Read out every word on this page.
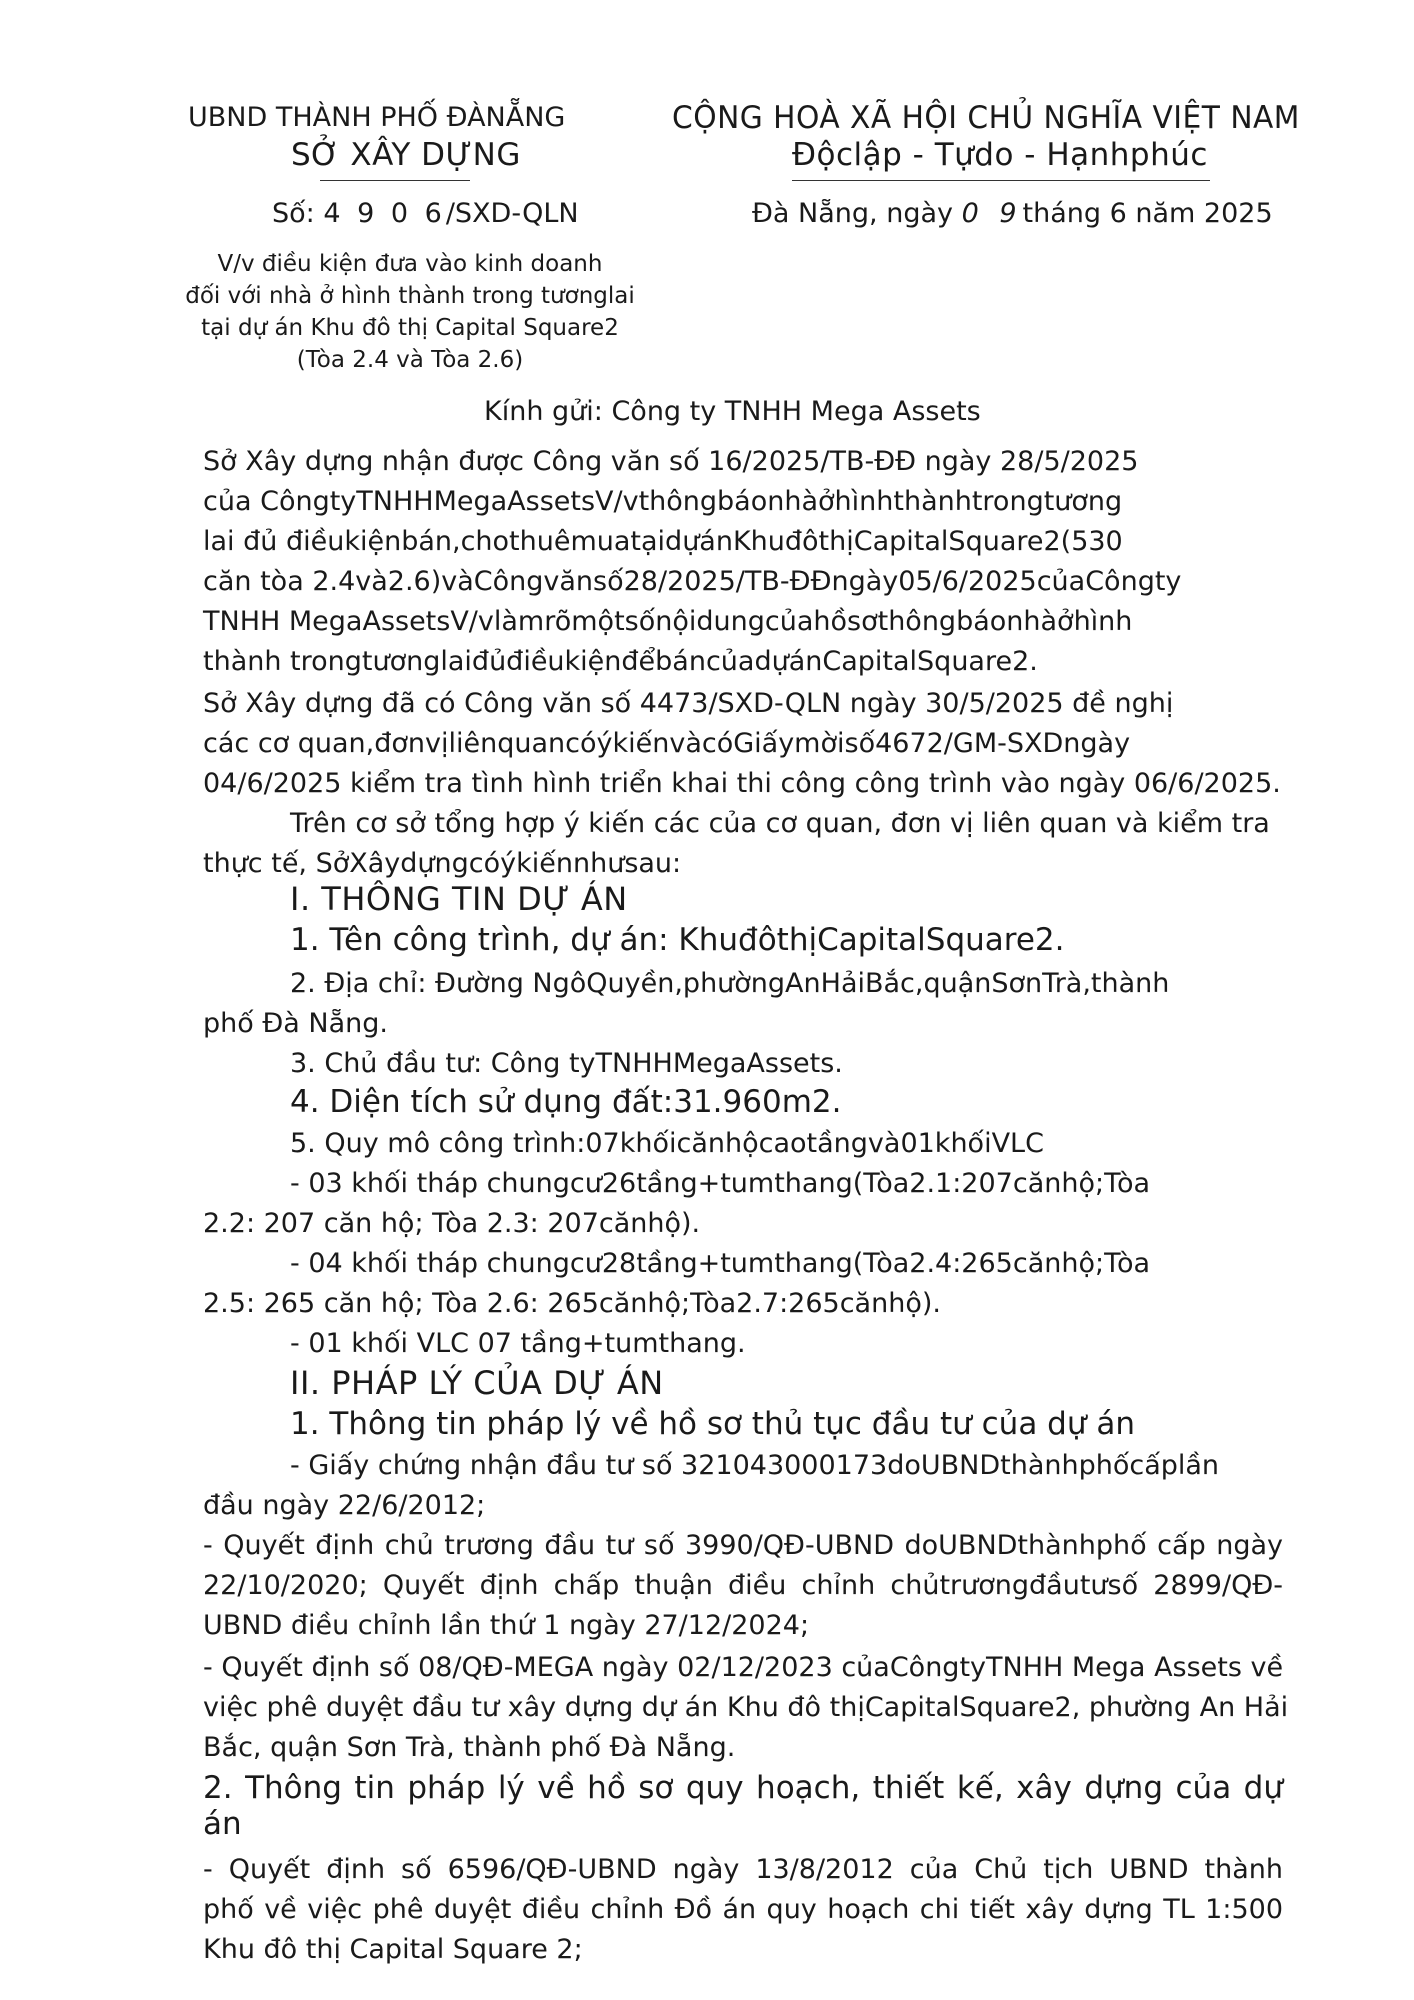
UBND THÀNH PHỐ ĐÀNẴNG
SỞ XÂY DỰNG
Số: 4 9 0 6/SXD-QLN
CỘNG HOÀ XÃ HỘI CHỦ NGHĨA VIỆT NAM
Độclập - Tựdo - Hạnhphúc
Đà Nẵng, ngày 0 9tháng 6 năm 2025
V/v điều kiện đưa vào kinh doanh
đối với nhà ở hình thành trong tươnglai
tại dự án Khu đô thị Capital Square2
(Tòa 2.4 và Tòa 2.6)
Kính gửi: Công ty TNHH Mega Assets
Sở Xây dựng nhận được Công văn số 16/2025/TB-ĐĐ ngày 28/5/2025
của CôngtyTNHHMegaAssetsV/vthôngbáonhàởhìnhthànhtrongtương
lai đủ điềukiệnbán,chothuêmuatạidựánKhuđôthịCapitalSquare2(530
căn tòa 2.4và2.6)vàCôngvănsố28/2025/TB-ĐĐngày05/6/2025củaCôngty
TNHH MegaAssetsV/vlàmrõmộtsốnộidungcủahồsơthôngbáonhàởhình
thành trongtươnglaiđủđiềukiệnđểbáncủadựánCapitalSquare2.
Sở Xây dựng đã có Công văn số 4473/SXD-QLN ngày 30/5/2025 đề nghị
các cơ quan,đơnvịliênquancóýkiếnvàcóGiấymờisố4672/GM-SXDngày
04/6/2025 kiểm tra tình hình triển khai thi công công trình vào ngày 06/6/2025.
Trên cơ sở tổng hợp ý kiến các của cơ quan, đơn vị liên quan và kiểm tra
thực tế, SởXâydựngcóýkiếnnhưsau:
I. THÔNG TIN DỰ ÁN
1. Tên công trình, dự án: KhuđôthịCapitalSquare2.
2. Địa chỉ: Đường NgôQuyền,phườngAnHảiBắc,quậnSơnTrà,thành
phố Đà Nẵng.
3. Chủ đầu tư: Công tyTNHHMegaAssets.
4. Diện tích sử dụng đất:31.960m2.
5. Quy mô công trình:07khốicănhộcaotầngvà01khốiVLC
- 03 khối tháp chungcư26tầng+tumthang(Tòa2.1:207cănhộ;Tòa
2.2: 207 căn hộ; Tòa 2.3: 207cănhộ).
- 04 khối tháp chungcư28tầng+tumthang(Tòa2.4:265cănhộ;Tòa
2.5: 265 căn hộ; Tòa 2.6: 265cănhộ;Tòa2.7:265cănhộ).
- 01 khối VLC 07 tầng+tumthang.
II. PHÁP LÝ CỦA DỰ ÁN
1. Thông tin pháp lý về hồ sơ thủ tục đầu tư của dự án
- Giấy chứng nhận đầu tư số 321043000173doUBNDthànhphốcấplần
đầu ngày 22/6/2012;
- Quyết định chủ trương đầu tư số 3990/QĐ-UBND doUBNDthànhphố cấp ngày
22/10/2020; Quyết định chấp thuận điều chỉnh chủtrươngđầutưsố 2899/QĐ-
UBND điều chỉnh lần thứ 1 ngày 27/12/2024;
- Quyết định số 08/QĐ-MEGA ngày 02/12/2023 củaCôngtyTNHH Mega Assets về
việc phê duyệt đầu tư xây dựng dự án Khu đô thịCapitalSquare2, phường An Hải
Bắc, quận Sơn Trà, thành phố Đà Nẵng.
2. Thông tin pháp lý về hồ sơ quy hoạch, thiết kế, xây dựng của dự
án
- Quyết định số 6596/QĐ-UBND ngày 13/8/2012 của Chủ tịch UBND thành
phố về việc phê duyệt điều chỉnh Đồ án quy hoạch chi tiết xây dựng TL 1:500
Khu đô thị Capital Square 2;
